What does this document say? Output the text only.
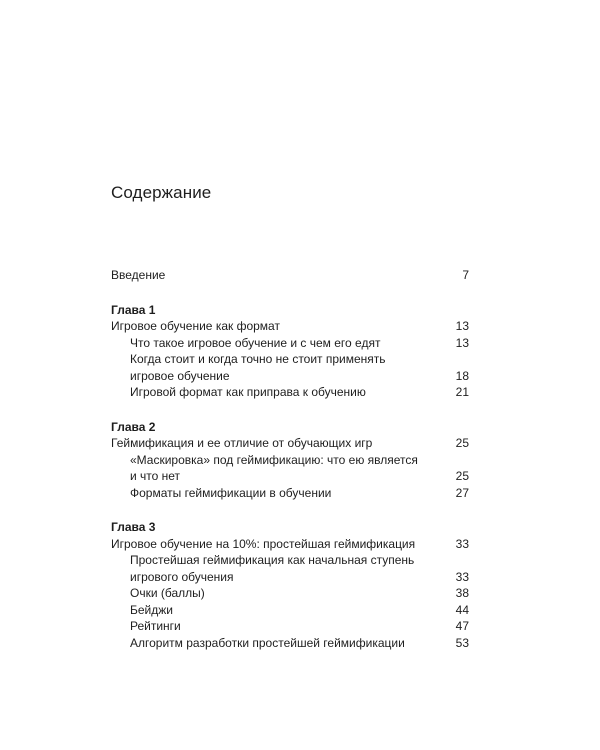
Содержание
Введение	7
Глава 1
Игровое обучение как формат	13
Что такое игровое обучение и с чем его едят	13
Когда стоит и когда точно не стоит применять
игровое обучение	18
Игровой формат как приправа к обучению	21
Глава 2
Геймификация и ее отличие от обучающих игр	25
«Маскировка» под геймификацию: что ею является
и что нет	25
Форматы геймификации в обучении	27
Глава 3
Игровое обучение на 10%: простейшая геймификация	33
Простейшая геймификация как начальная ступень
игрового обучения	33
Очки (баллы)	38
Бейджи	44
Рейтинги	47
Алгоритм разработки простейшей геймификации	53
